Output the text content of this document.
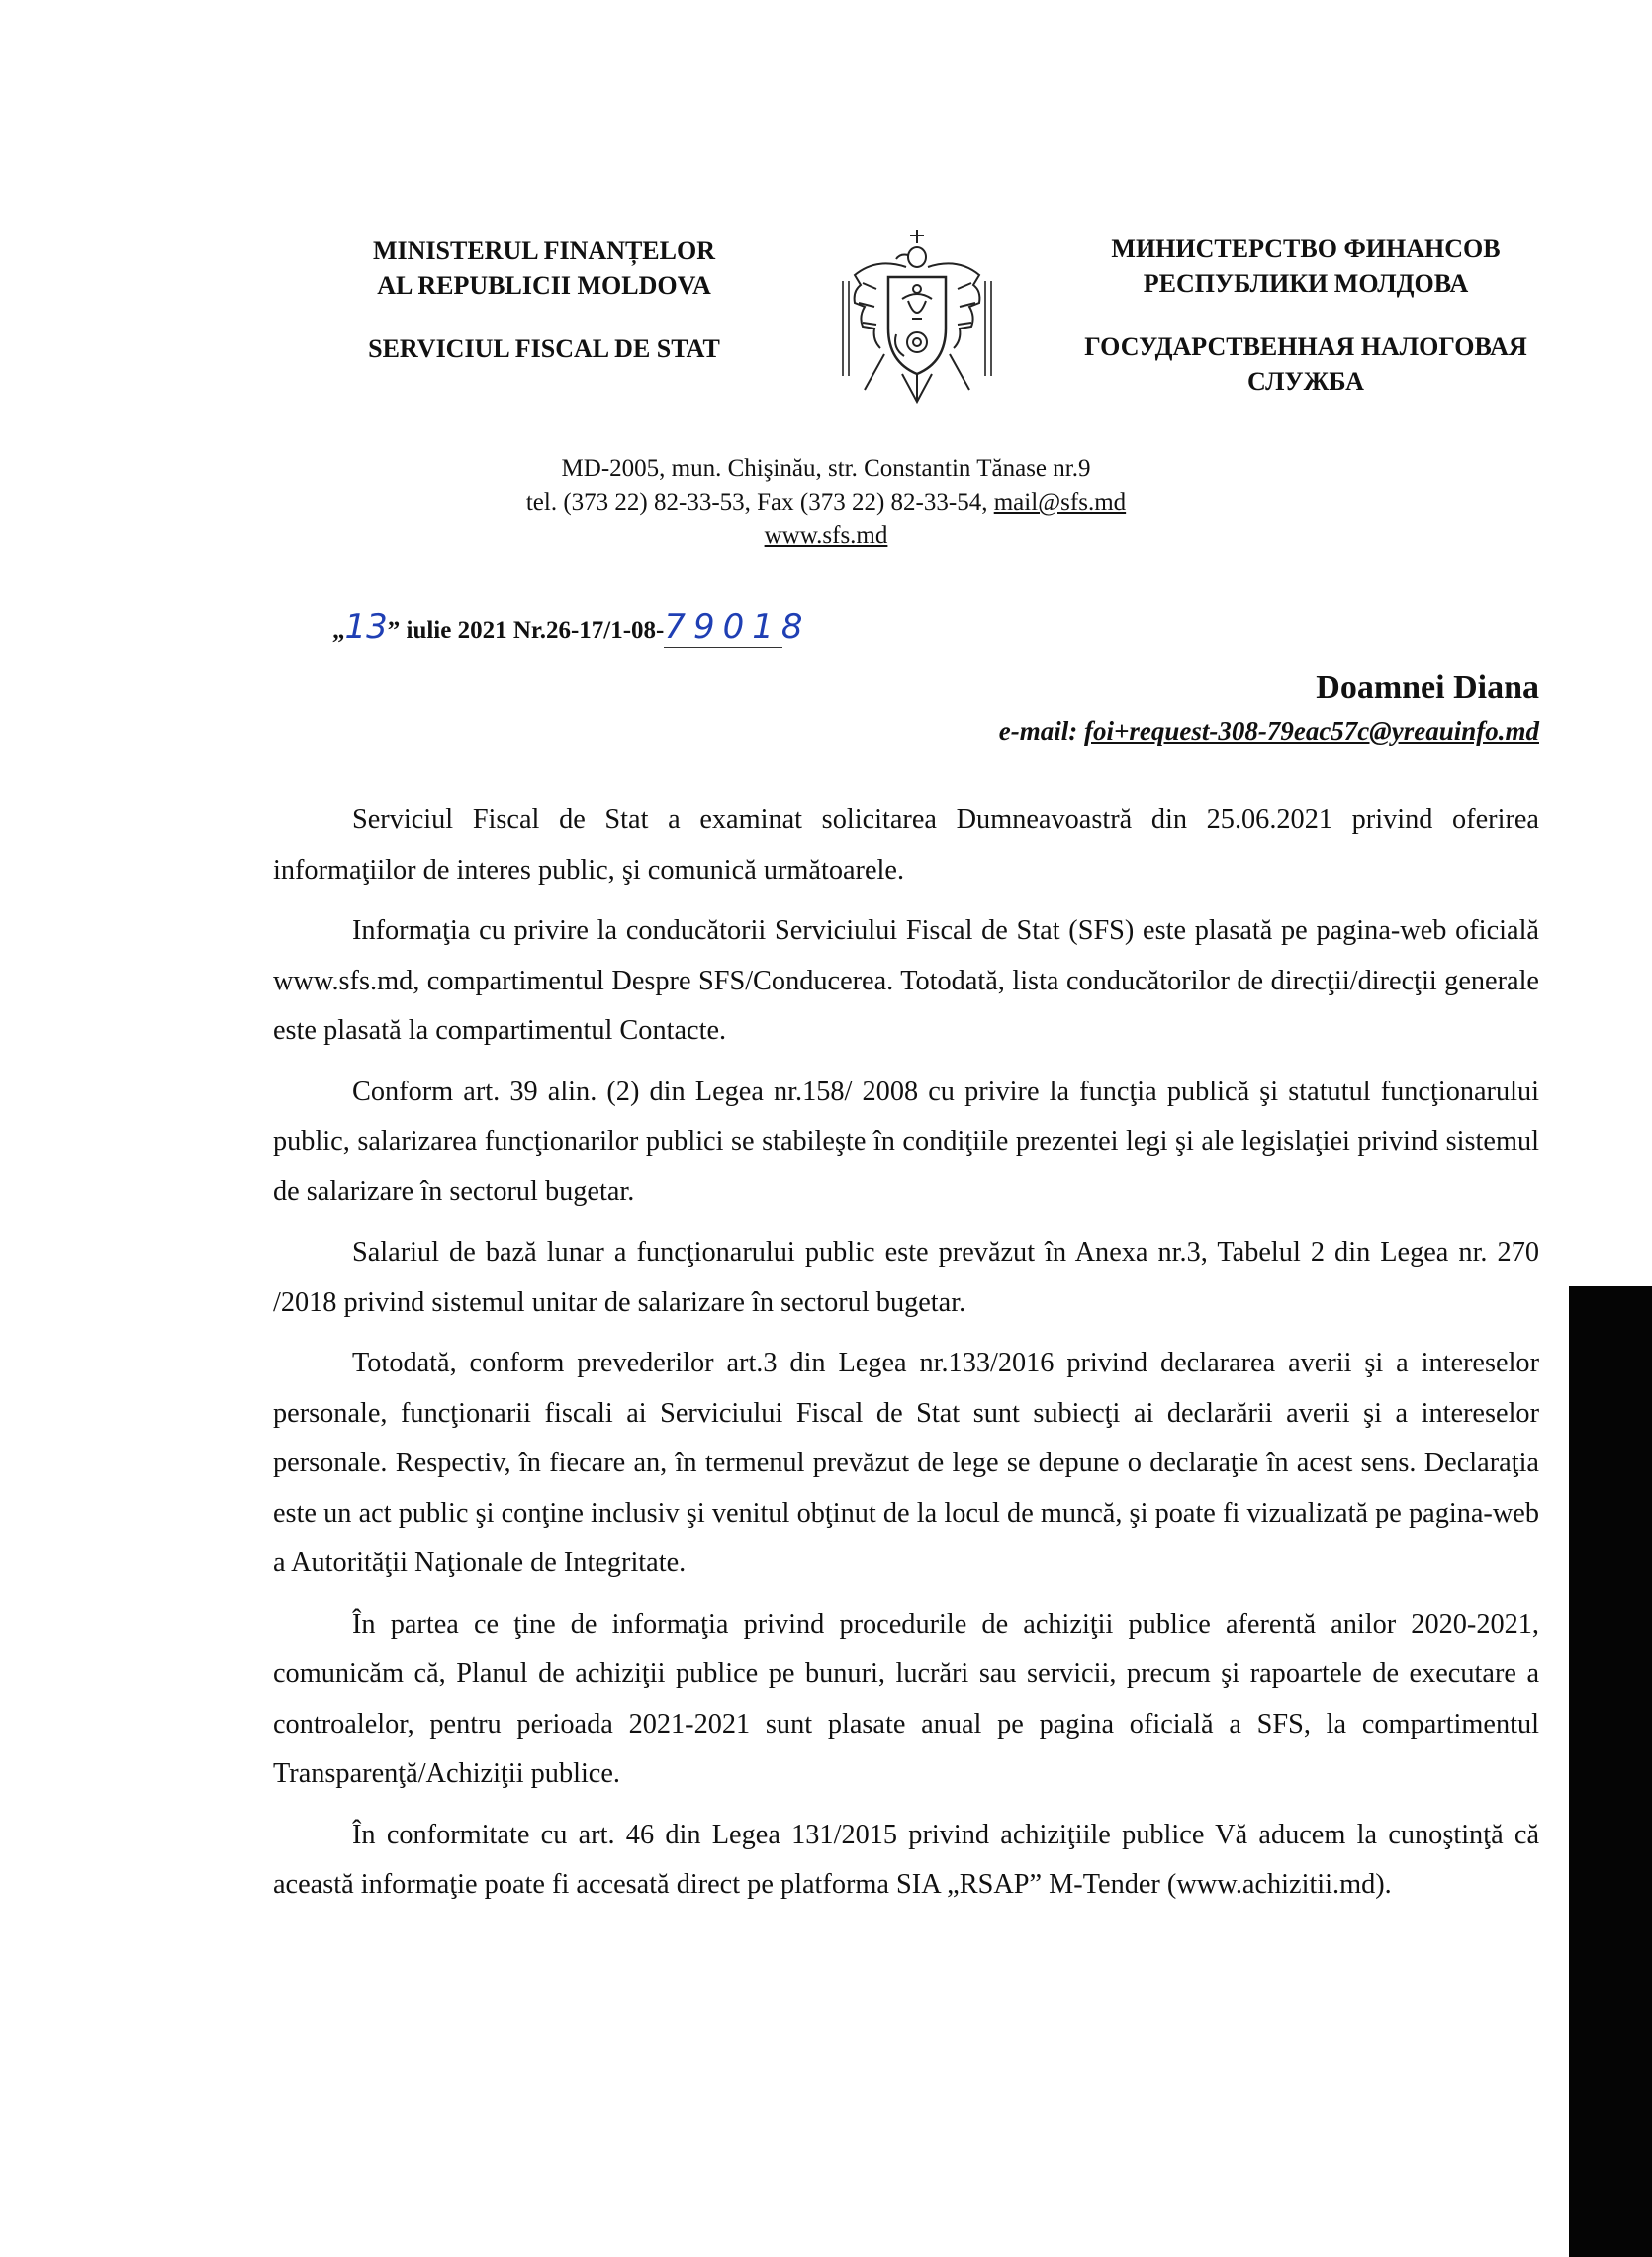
MINISTERUL FINANȚELOR
AL REPUBLICII MOLDOVA
SERVICIUL FISCAL DE STAT
МИНИСТЕРСТВО ФИНАНСОВ
РЕСПУБЛИКИ МОЛДОВА
ГОСУДАРСТВЕННАЯ НАЛОГОВАЯ
СЛУЖБА
MD-2005, mun. Chişinău, str. Constantin Tănase nr.9
tel. (373 22) 82-33-53, Fax (373 22) 82-33-54, mail@sfs.md
www.sfs.md
„13” iulie 2021 Nr.26-17/1-08-79018
Doamnei Diana
e-mail: foi+request-308-79eac57c@yreauinfo.md

Serviciul Fiscal de Stat a examinat solicitarea Dumneavoastră din 25.06.2021 privind oferirea informaţiilor de interes public, şi comunică următoarele.

Informaţia cu privire la conducătorii Serviciului Fiscal de Stat (SFS) este plasată pe pagina-web oficială www.sfs.md, compartimentul Despre SFS/Conducerea. Totodată, lista conducătorilor de direcţii/direcţii generale este plasată la compartimentul Contacte.

Conform art. 39 alin. (2) din Legea nr.158/ 2008 cu privire la funcţia publică şi statutul funcţionarului public, salarizarea funcţionarilor publici se stabileşte în condiţiile prezentei legi şi ale legislaţiei privind sistemul de salarizare în sectorul bugetar.

Salariul de bază lunar a funcţionarului public este prevăzut în Anexa nr.3, Tabelul 2 din Legea nr. 270 /2018 privind sistemul unitar de salarizare în sectorul bugetar.

Totodată, conform prevederilor art.3 din Legea nr.133/2016 privind declararea averii şi a intereselor personale, funcţionarii fiscali ai Serviciului Fiscal de Stat sunt subiecţi ai declarării averii şi a intereselor personale. Respectiv, în fiecare an, în termenul prevăzut de lege se depune o declaraţie în acest sens. Declaraţia este un act public şi conţine inclusiv şi venitul obţinut de la locul de muncă, şi poate fi vizualizată pe pagina-web a Autorităţii Naţionale de Integritate.

În partea ce ţine de informaţia privind procedurile de achiziţii publice aferentă anilor 2020-2021, comunicăm că, Planul de achiziţii publice pe bunuri, lucrări sau servicii, precum şi rapoartele de executare a controalelor, pentru perioada 2021-2021 sunt plasate anual pe pagina oficială a SFS, la compartimentul Transparenţă/Achiziţii publice.

În conformitate cu art. 46 din Legea 131/2015 privind achiziţiile publice Vă aducem la cunoştinţă că această informaţie poate fi accesată direct pe platforma SIA „RSAP” M-Tender (www.achizitii.md).
